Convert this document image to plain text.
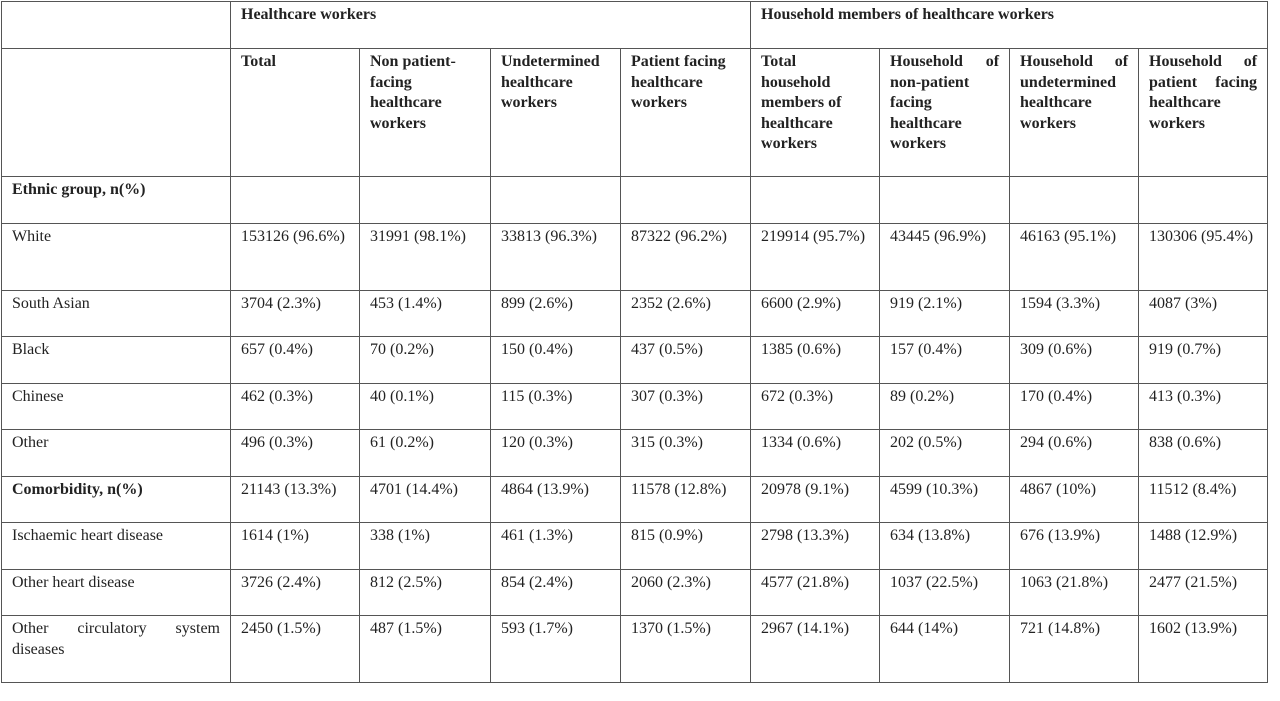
	Healthcare workers				Household members of healthcare workers			
	Total	Non patient-facing healthcare workers	Undetermined healthcare workers	Patient facing healthcare workers	Total household members of healthcare workers	Household of non-patient facing healthcare workers	Household of undetermined healthcare workers	Household of patient facing healthcare workers
Ethnic group, n(%)								
White	153126 (96.6%)	31991 (98.1%)	33813 (96.3%)	87322 (96.2%)	219914 (95.7%)	43445 (96.9%)	46163 (95.1%)	130306 (95.4%)
South Asian	3704 (2.3%)	453 (1.4%)	899 (2.6%)	2352 (2.6%)	6600 (2.9%)	919 (2.1%)	1594 (3.3%)	4087 (3%)
Black	657 (0.4%)	70 (0.2%)	150 (0.4%)	437 (0.5%)	1385 (0.6%)	157 (0.4%)	309 (0.6%)	919 (0.7%)
Chinese	462 (0.3%)	40 (0.1%)	115 (0.3%)	307 (0.3%)	672 (0.3%)	89 (0.2%)	170 (0.4%)	413 (0.3%)
Other	496 (0.3%)	61 (0.2%)	120 (0.3%)	315 (0.3%)	1334 (0.6%)	202 (0.5%)	294 (0.6%)	838 (0.6%)
Comorbidity, n(%)	21143 (13.3%)	4701 (14.4%)	4864 (13.9%)	11578 (12.8%)	20978 (9.1%)	4599 (10.3%)	4867 (10%)	11512 (8.4%)
Ischaemic heart disease	1614 (1%)	338 (1%)	461 (1.3%)	815 (0.9%)	2798 (13.3%)	634 (13.8%)	676 (13.9%)	1488 (12.9%)
Other heart disease	3726 (2.4%)	812 (2.5%)	854 (2.4%)	2060 (2.3%)	4577 (21.8%)	1037 (22.5%)	1063 (21.8%)	2477 (21.5%)
Other circulatory system diseases	2450 (1.5%)	487 (1.5%)	593 (1.7%)	1370 (1.5%)	2967 (14.1%)	644 (14%)	721 (14.8%)	1602 (13.9%)
